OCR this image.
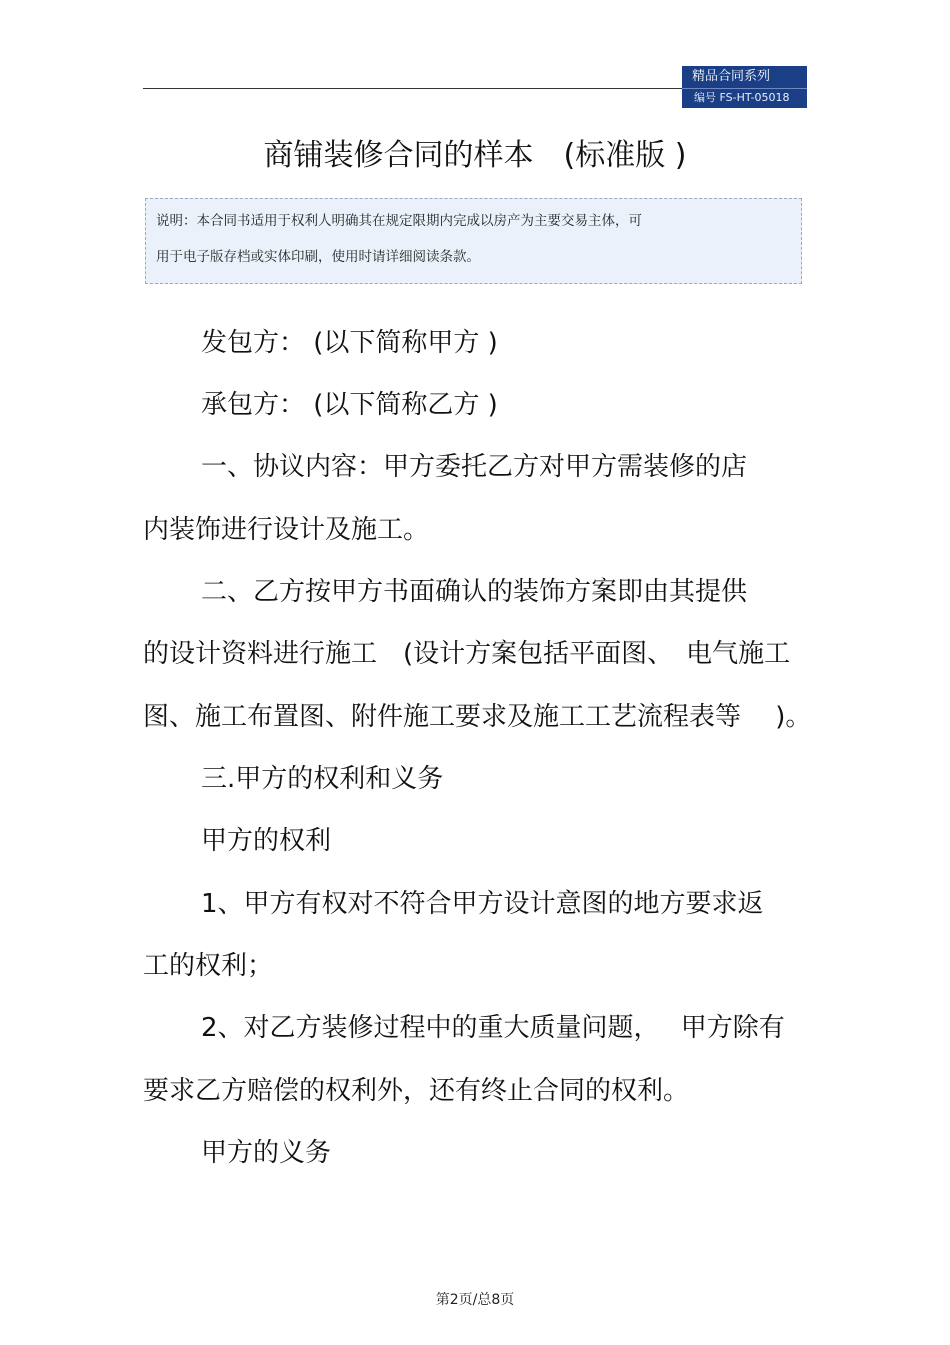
精品合同系列
编号 FS-HT-05018
商铺装修合同的样本　(标准版 )
说明：本合同书适用于权利人明确其在规定限期内完成以房产为主要交易主体，可
用于电子版存档或实体印刷，使用时请详细阅读条款。
发包方： (以下简称甲方 )
承包方： (以下简称乙方 )
一、协议内容：甲方委托乙方对甲方需装修的店
内装饰进行设计及施工。
二、乙方按甲方书面确认的装饰方案即由其提供
的设计资料进行施工　(设计方案包括平面图、　电气施工
图、施工布置图、附件施工要求及施工工艺流程表等　 )。
三.甲方的权利和义务
甲方的权利
1、甲方有权对不符合甲方设计意图的地方要求返
工的权利；
2、对乙方装修过程中的重大质量问题，　 甲方除有
要求乙方赔偿的权利外，还有终止合同的权利。
甲方的义务
第2页/总8页
